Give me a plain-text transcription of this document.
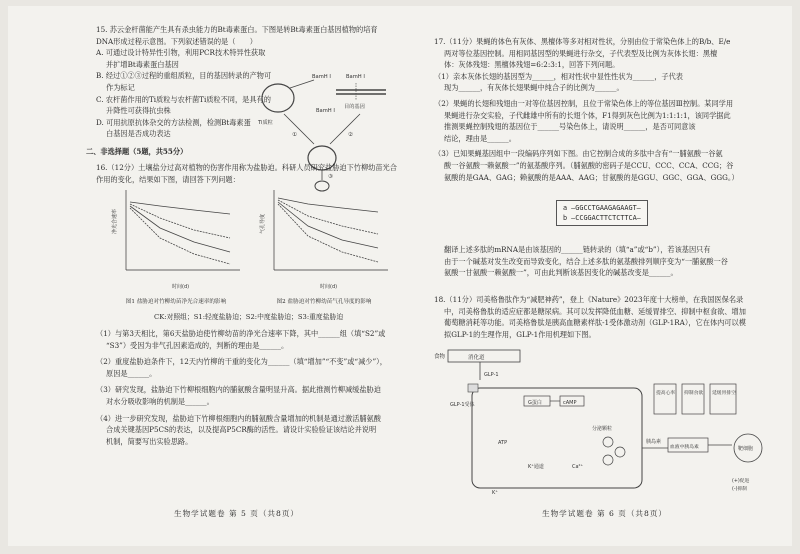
15. 苏云金杆菌能产生具有杀虫能力的Bt毒素蛋白。下图是转Bt毒素蛋白基因植物的培育

DNA形成过程示意图。下列叙述错误的是（　　）

A. 可通过设计特异性引物，利用PCR技术特异性获取

并扩增Bt毒素蛋白基因

B. 经过①②③过程的重组质粒，目的基因转录的产物可

作为标记

C. 农杆菌作用的Ti质粒与农杆菌Ti质粒不同，是具有的

升降性可获得抗虫株

D. 可用抗原抗体杂交的方法检测，检测Bt毒素蛋

白基因是否成功表达

BamH I
Ti质粒
BamH I
目的基因
BamH I
①	②
③
二、非选择题（5题，共55分）

16.（12分）土壤盐分过高对植物的伤害作用称为盐胁迫。科研人员研究盐胁迫下竹柳幼苗光合

作用的变化，结果如下图，请回答下列问题：

净光合速率
时间(d)
图1 盐胁迫对竹柳幼苗净光合速率的影响
气孔导度
时间(d)
图2 盐胁迫对竹柳幼苗气孔导度的影响
CK:对照组；S1:轻度盐胁迫；S2:中度盐胁迫；S3:重度盐胁迫

（1）与第3天相比，第6天盐胁迫使竹柳幼苗的净光合速率下降，其中______组（填“S2”或

“S3”）受因为非气孔因素造成的，判断的理由是______。

（2）重度盐胁迫条件下，12天内竹柳的干重的变化为______（填“增加”“不变”或“减少”），

原因是______。

（3）研究发现，盐胁迫下竹柳根细胞内的脯氨酸含量明显升高。据此推测竹柳减缓盐胁迫

对水分吸收影响的机制是______。

（4）进一步研究发现，盐胁迫下竹柳根细胞内的脯氨酸含量增加的机制是通过激活脯氨酸

合成关键基因P5CS的表达，以及提高P5CR酶的活性。请设计实验验证该结论并说明

机制，简要写出实验思路。

生物学试题卷 第 5 页（共8页）

17.（11分）果蝇的体色有灰体、黑檀体等多对相对性状，分别由位于常染色体上的B/b、E/e

两对等位基因控制。用相同基因型的果蝇进行杂交，子代表型及比例为灰体长翅：黑檀

体：灰体残翅：黑檀体残翅=6:2:3:1，回答下列问题。

（1）亲本灰体长翅的基因型为______，相对性状中显性性状为______，子代表

现为______，有灰体长翅果蝇中纯合子的比例为______。

（2）果蝇的长翅和残翅由一对等位基因控制，且位于常染色体上的等位基因Ⅲ控制。某同学用

果蝇进行杂交实验，子代雌雄中所有的长翅个体，F1得到灰色比例为1:1:1:1，该同学据此

推测果蝇控制残翅的基因位于______号染色体上，请说明______，是否可同意该

结论，理由是______。

（3）已知果蝇基因组中一段编码序列如下图。由它控制合成的多肽中含有“一脯氨酸一谷氨

酸一谷氨酸一赖氨酸一”的氨基酸序列。（脯氨酸的密码子是CCU、CCC、CCA、CCG；谷

氨酸的是GAA、GAG；赖氨酸的是AAA、AAG；甘氨酸的是GGU、GGC、GGA、GGG。）

a —GGCCTGAAGAGAAGT—
b —CCGGACTTCTCTTCA—

翻译上述多肽的mRNA是由该基因的______链转录的（填“a”或“b”），若该基因只有

由于一个碱基对发生改变而导致变化，结合上述多肽的氨基酸排列顺序变为“一脯氨酸一谷

氨酸一甘氨酸一赖氨酸一”，可由此判断该基因变化的碱基改变是______。

18.（11分）司美格鲁肽作为“减肥神药”，登上《Nature》2023年度十大榜单，在我国医保名录

中，司美格鲁肽的适应症都是糖尿病。其可以发挥降低血糖、延缓胃排空、抑制中枢食欲、增加

葡萄糖消耗等功能。司美格鲁肽是胰高血糖素样肽-1受体激动剂（GLP-1RA），它在体内可以模

拟GLP-1的生理作用，GLP-1作用机理如下图。

食物	消化道
GLP-1
GLP-1受体	G蛋白	cAMP
ATP
K⁺通道
K⁺
Ca²⁺
分泌颗粒
胰岛素
提高心率 抑制食欲 延缓胃排空
血液中胰岛素	靶细胞
(+)促进
(-)抑制
生物学试题卷 第 6 页（共8页）
